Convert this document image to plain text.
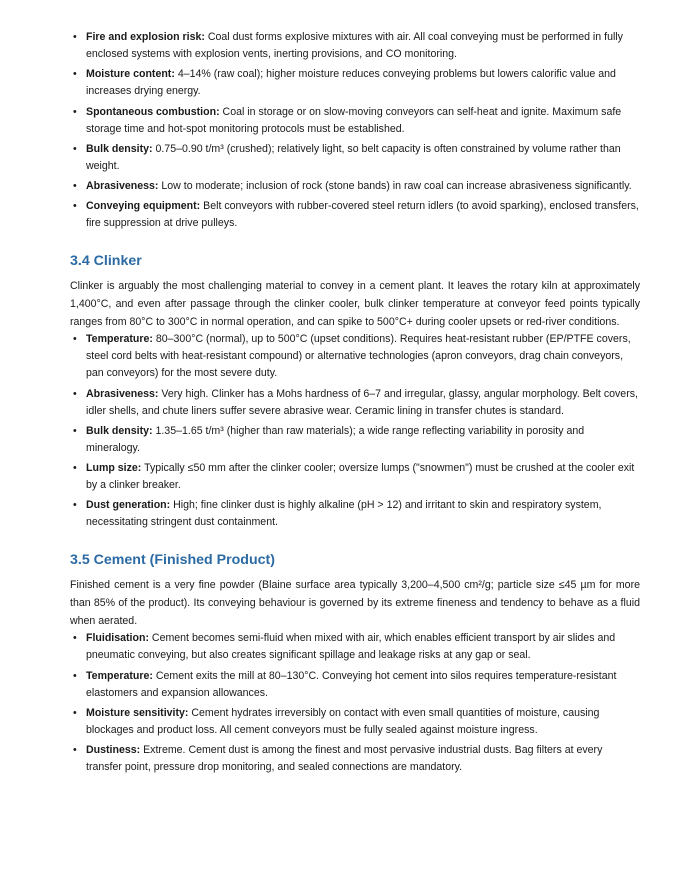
• Fire and explosion risk: Coal dust forms explosive mixtures with air. All coal conveying must be performed in fully enclosed systems with explosion vents, inerting provisions, and CO monitoring.
• Moisture content: 4–14% (raw coal); higher moisture reduces conveying problems but lowers calorific value and increases drying energy.
• Spontaneous combustion: Coal in storage or on slow-moving conveyors can self-heat and ignite. Maximum safe storage time and hot-spot monitoring protocols must be established.
• Bulk density: 0.75–0.90 t/m³ (crushed); relatively light, so belt capacity is often constrained by volume rather than weight.
• Abrasiveness: Low to moderate; inclusion of rock (stone bands) in raw coal can increase abrasiveness significantly.
• Conveying equipment: Belt conveyors with rubber-covered steel return idlers (to avoid sparking), enclosed transfers, fire suppression at drive pulleys.
3.4 Clinker

Clinker is arguably the most challenging material to convey in a cement plant. It leaves the rotary kiln at approximately 1,400°C, and even after passage through the clinker cooler, bulk clinker temperature at conveyor feed points typically ranges from 80°C to 300°C in normal operation, and can spike to 500°C+ during cooler upsets or red-river conditions.

• Temperature: 80–300°C (normal), up to 500°C (upset conditions). Requires heat-resistant rubber (EP/PTFE covers, steel cord belts with heat-resistant compound) or alternative technologies (apron conveyors, drag chain conveyors, pan conveyors) for the most severe duty.
• Abrasiveness: Very high. Clinker has a Mohs hardness of 6–7 and irregular, glassy, angular morphology. Belt covers, idler shells, and chute liners suffer severe abrasive wear. Ceramic lining in transfer chutes is standard.
• Bulk density: 1.35–1.65 t/m³ (higher than raw materials); a wide range reflecting variability in porosity and mineralogy.
• Lump size: Typically ≤50 mm after the clinker cooler; oversize lumps ("snowmen") must be crushed at the cooler exit by a clinker breaker.
• Dust generation: High; fine clinker dust is highly alkaline (pH > 12) and irritant to skin and respiratory system, necessitating stringent dust containment.
3.5 Cement (Finished Product)

Finished cement is a very fine powder (Blaine surface area typically 3,200–4,500 cm²/g; particle size ≤45 µm for more than 85% of the product). Its conveying behaviour is governed by its extreme fineness and tendency to behave as a fluid when aerated.

• Fluidisation: Cement becomes semi-fluid when mixed with air, which enables efficient transport by air slides and pneumatic conveying, but also creates significant spillage and leakage risks at any gap or seal.
• Temperature: Cement exits the mill at 80–130°C. Conveying hot cement into silos requires temperature-resistant elastomers and expansion allowances.
• Moisture sensitivity: Cement hydrates irreversibly on contact with even small quantities of moisture, causing blockages and product loss. All cement conveyors must be fully sealed against moisture ingress.
• Dustiness: Extreme. Cement dust is among the finest and most pervasive industrial dusts. Bag filters at every transfer point, pressure drop monitoring, and sealed connections are mandatory.
